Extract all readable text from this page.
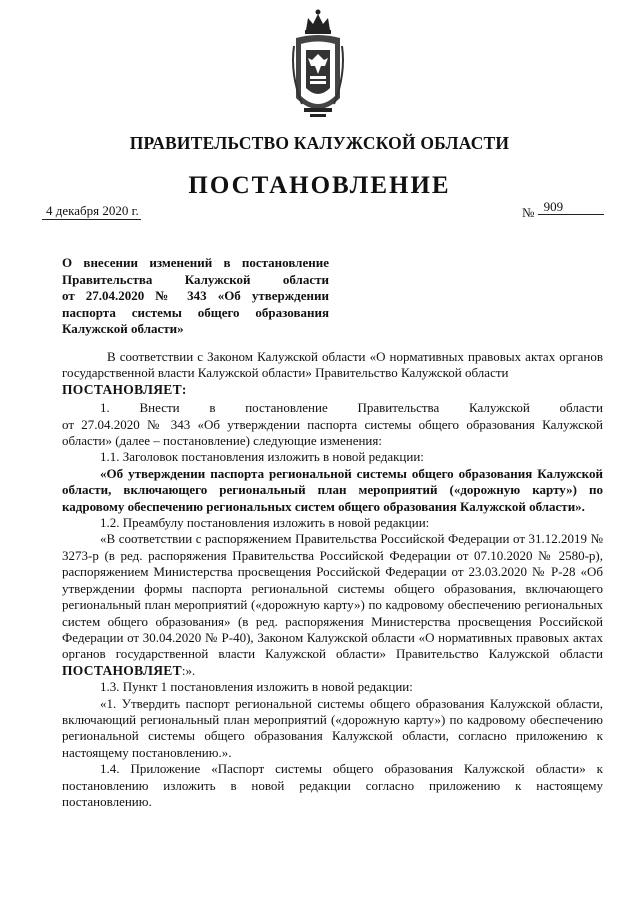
ПРАВИТЕЛЬСТВО КАЛУЖСКОЙ ОБЛАСТИ
ПОСТАНОВЛЕНИЕ
4 декабря 2020 г.	№ 909
О внесении изменений в постановление
Правительства Калужской области
от 27.04.2020 № 343 «Об утверждении
паспорта системы общего образования
Калужской области»

В соответствии с Законом Калужской области «О нормативных правовых актах органов государственной власти Калужской области» Правительство Калужской области

ПОСТАНОВЛЯЕТ:

1. Внести в постановление Правительства Калужской области
от 27.04.2020 № 343 «Об утверждении паспорта системы общего образования Калужской области» (далее – постановление) следующие изменения:

1.1. Заголовок постановления изложить в новой редакции:

«Об утверждении паспорта региональной системы общего образования Калужской области, включающего региональный план мероприятий («дорожную карту») по кадровому обеспечению региональных систем общего образования Калужской области».

1.2. Преамбулу постановления изложить в новой редакции:

«В соответствии с распоряжением Правительства Российской Федерации от 31.12.2019 № 3273-р (в ред. распоряжения Правительства Российской Федерации от 07.10.2020 № 2580-р), распоряжением Министерства просвещения Российской Федерации от 23.03.2020 № Р-28 «Об утверждении формы паспорта региональной системы общего образования, включающего региональный план мероприятий («дорожную карту») по кадровому обеспечению региональных систем общего образования» (в ред. распоряжения Министерства просвещения Российской Федерации от 30.04.2020 № Р-40), Законом Калужской области «О нормативных правовых актах органов государственной власти Калужской области» Правительство Калужской области ПОСТАНОВЛЯЕТ:».

1.3. Пункт 1 постановления изложить в новой редакции:

«1. Утвердить паспорт региональной системы общего образования Калужской области, включающий региональный план мероприятий («дорожную карту») по кадровому обеспечению региональной системы общего образования Калужской области, согласно приложению к настоящему постановлению.».

1.4. Приложение «Паспорт системы общего образования Калужской области» к постановлению изложить в новой редакции согласно приложению к настоящему постановлению.
